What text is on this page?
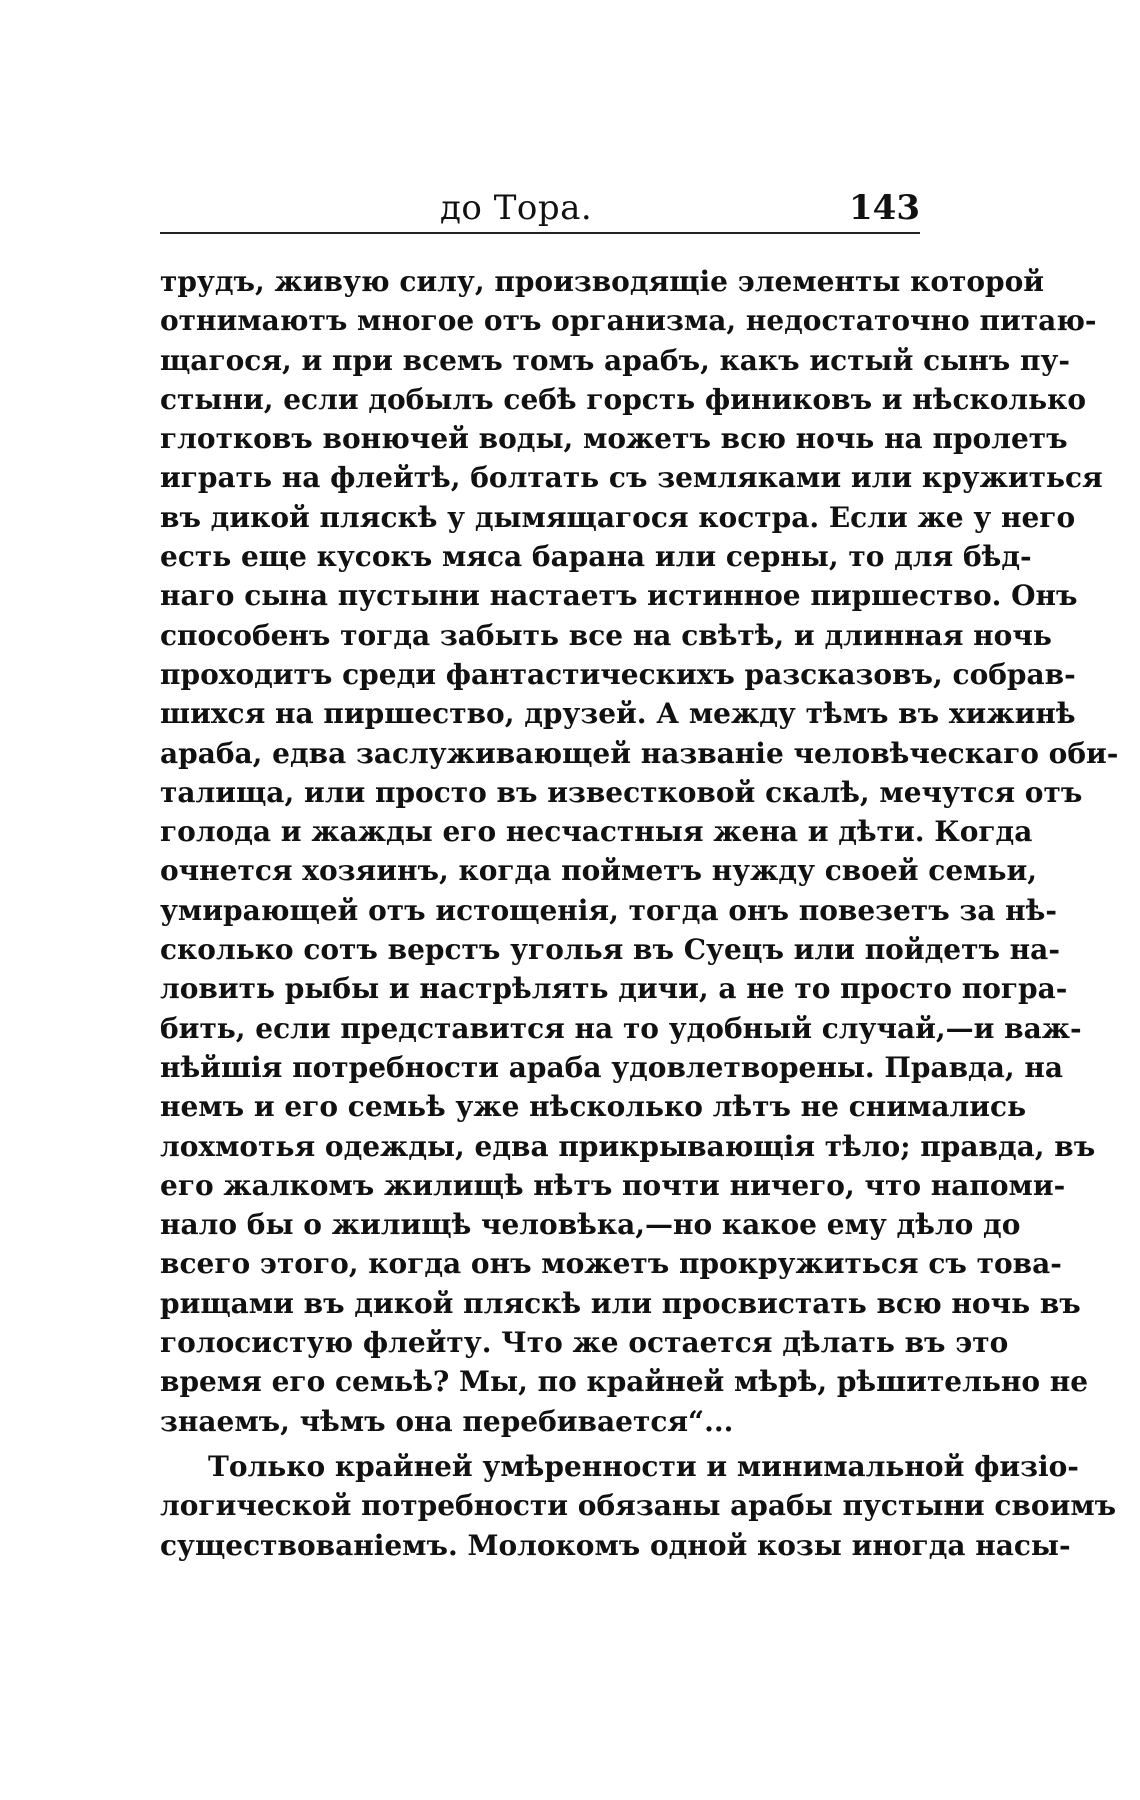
до Тора.	143

трудъ, живую силу, производящіе элементы которой
отнимаютъ многое отъ организма, недостаточно питаю-
щагося, и при всемъ томъ арабъ, какъ истый сынъ пу-
стыни, если добылъ себѣ горсть финиковъ и нѣсколько
глотковъ вонючей воды, можетъ всю ночь на пролетъ
играть на флейтѣ, болтать съ землякaми или кружиться
въ дикой пляскѣ у дымящагося костра. Если же у него
есть еще кусокъ мяса барана или серны, то для бѣд-
наго сына пустыни настаетъ истинное пиршество. Онъ
способенъ тогда забыть все на свѣтѣ, и длинная ночь
проходитъ среди фантастическихъ разсказовъ, собрав-
шихся на пиршество, друзей. А между тѣмъ въ хижинѣ
араба, едва заслуживающей названіе человѣческаго оби-
талища, или просто въ известковой скалѣ, мечутся отъ
голода и жажды его несчастныя жена и дѣти. Когда
очнется хозяинъ, когда пойметъ нужду своей семьи,
умирающей отъ истощенія, тогда онъ повезетъ за нѣ-
сколько сотъ верстъ уголья въ Суецъ или пойдетъ на-
ловить рыбы и настрѣлять дичи, а не то просто погра-
бить, если представится на то удобный случай,—и важ-
нѣйшія потребности араба удовлетворены. Правда, на
немъ и его семьѣ уже нѣсколько лѣтъ не снимались
лохмотья одежды, едва прикрывающія тѣло; правда, въ
его жалкомъ жилищѣ нѣтъ почти ничего, что напоми-
нало бы о жилищѣ человѣка,—но какое ему дѣло до
всего этого, когда онъ можетъ прокружиться съ това-
рищами въ дикой пляскѣ или просвистать всю ночь въ
голосистую флейту. Что же остается дѣлать въ это
время его семьѣ? Мы, по крайней мѣрѣ, рѣшительно не
знаемъ, чѣмъ она перебивается“...

Только крайней умѣренности и минимальной физіо-
логической потребности обязаны арабы пустыни своимъ
существованіемъ. Молокомъ одной козы иногда насы-
